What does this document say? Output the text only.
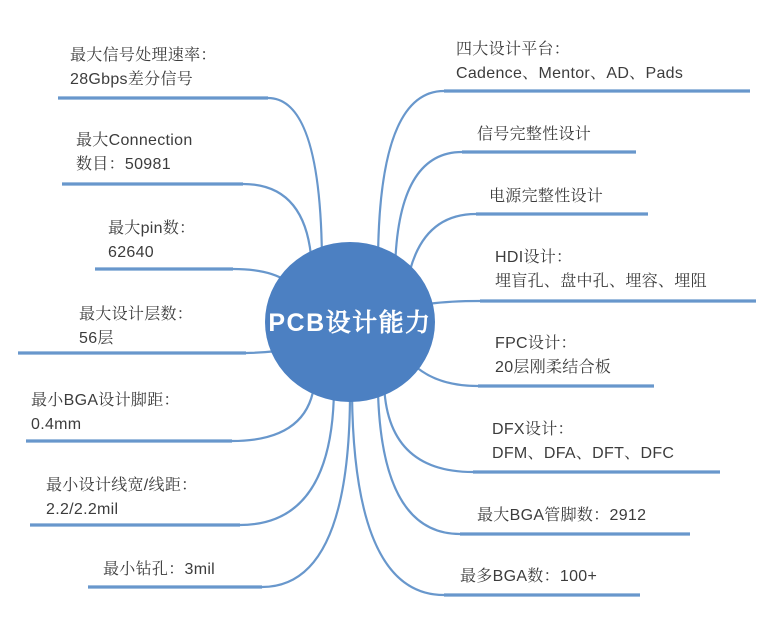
PCB设计能力
最大信号处理速率：
28Gbps差分信号
最大Connection
数目：50981
最大pin数：
62640
最大设计层数：
56层
最小BGA设计脚距：
0.4mm
最小设计线宽/线距：
2.2/2.2mil
最小钻孔：3mil
四大设计平台：
Cadence、Mentor、AD、Pads
信号完整性设计
电源完整性设计
HDI设计：
埋盲孔、盘中孔、埋容、埋阻
FPC设计：
20层刚柔结合板
DFX设计：
DFM、DFA、DFT、DFC
最大BGA管脚数：2912
最多BGA数：100+
